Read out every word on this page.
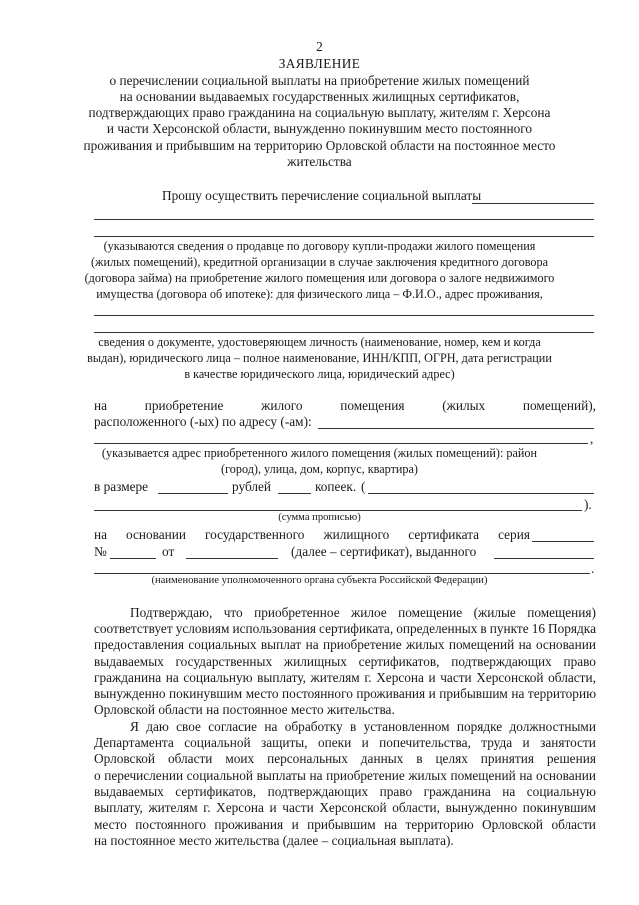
2
ЗАЯВЛЕНИЕ
о перечислении социальной выплаты на приобретение жилых помещений
на основании выдаваемых государственных жилищных сертификатов,
подтверждающих право гражданина на социальную выплату, жителям г. Херсона
и части Херсонской области, вынужденно покинувшим место постоянного
проживания и прибывшим на территорию Орловской области на постоянное место
жительства
Прошу осуществить перечисление социальной выплаты
(указываются сведения о продавце по договору купли-продажи жилого помещения
(жилых помещений), кредитной организации в случае заключения кредитного договора
(договора займа) на приобретение жилого помещения или договора о залоге недвижимого
имущества (договора об ипотеке): для физического лица – Ф.И.О., адрес проживания,
сведения о документе, удостоверяющем личность (наименование, номер, кем и когда
выдан), юридического лица – полное наименование, ИНН/КПП, ОГРН, дата регистрации
в качестве юридического лица, юридический адрес)
на	приобретение	жилого	помещения	(жилых	помещений),
расположенного (-ых) по адресу (-ам):
,
(указывается адрес приобретенного жилого помещения (жилых помещений): район
(город), улица, дом, корпус, квартира)
в размере	рублей	копеек. (
).
(сумма прописью)
на основании государственного жилищного сертификата серия
№	от	(далее – сертификат), выданного
.
(наименование уполномоченного органа субъекта Российской Федерации)
Подтверждаю, что приобретенное жилое помещение (жилые помещения)
соответствует условиям использования сертификата, определенных в пункте 16 Порядка
предоставления социальных выплат на приобретение жилых помещений на основании
выдаваемых государственных жилищных сертификатов, подтверждающих право
гражданина на социальную выплату, жителям г. Херсона и части Херсонской области,
вынужденно покинувшим место постоянного проживания и прибывшим на территорию
Орловской области на постоянное место жительства.
Я даю свое согласие на обработку в установленном порядке должностными
Департамента социальной защиты, опеки и попечительства, труда и занятости
Орловской области моих персональных данных в целях принятия решения
о перечислении социальной выплаты на приобретение жилых помещений на основании
выдаваемых сертификатов, подтверждающих право гражданина на социальную
выплату, жителям г. Херсона и части Херсонской области, вынужденно покинувшим
место постоянного проживания и прибывшим на территорию Орловской области
на постоянное место жительства (далее – социальная выплата).
